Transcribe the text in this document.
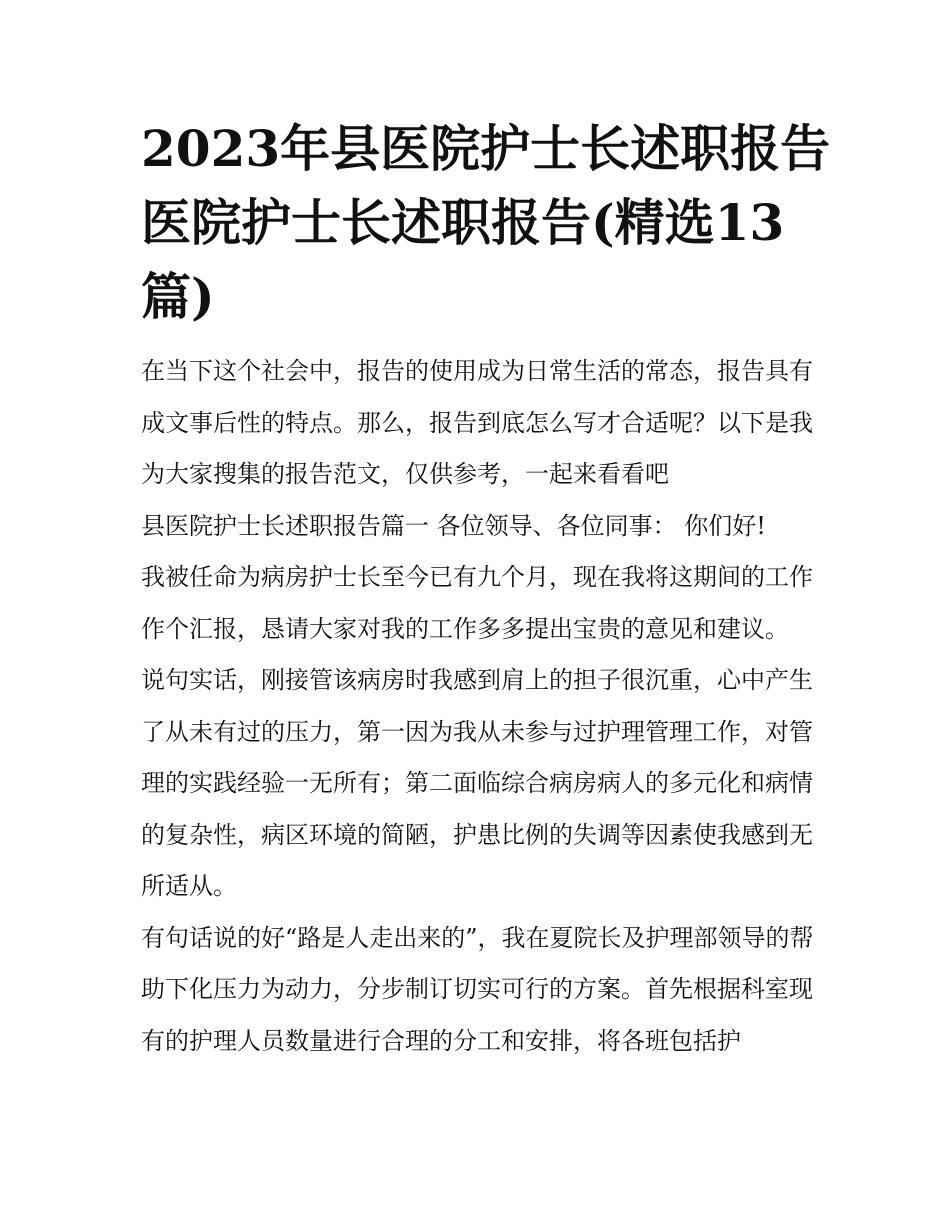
2023年县医院护士长述职报告
医院护士长述职报告(精选13
篇)

在当下这个社会中，报告的使用成为日常生活的常态，报告具有成文事后性的特点。那么，报告到底怎么写才合适呢？以下是我为大家搜集的报告范文，仅供参考，一起来看看吧

县医院护士长述职报告篇一 各位领导、各位同事： 你们好!

我被任命为病房护士长至今已有九个月，现在我将这期间的工作作个汇报，恳请大家对我的工作多多提出宝贵的意见和建议。

说句实话，刚接管该病房时我感到肩上的担子很沉重，心中产生了从未有过的压力，第一因为我从未参与过护理管理工作，对管理的实践经验一无所有；第二面临综合病房病人的多元化和病情的复杂性，病区环境的简陋，护患比例的失调等因素使我感到无所适从。

有句话说的好“路是人走出来的”，我在夏院长及护理部领导的帮助下化压力为动力，分步制订切实可行的方案。首先根据科室现有的护理人员数量进行合理的分工和安排，将各班包括护
